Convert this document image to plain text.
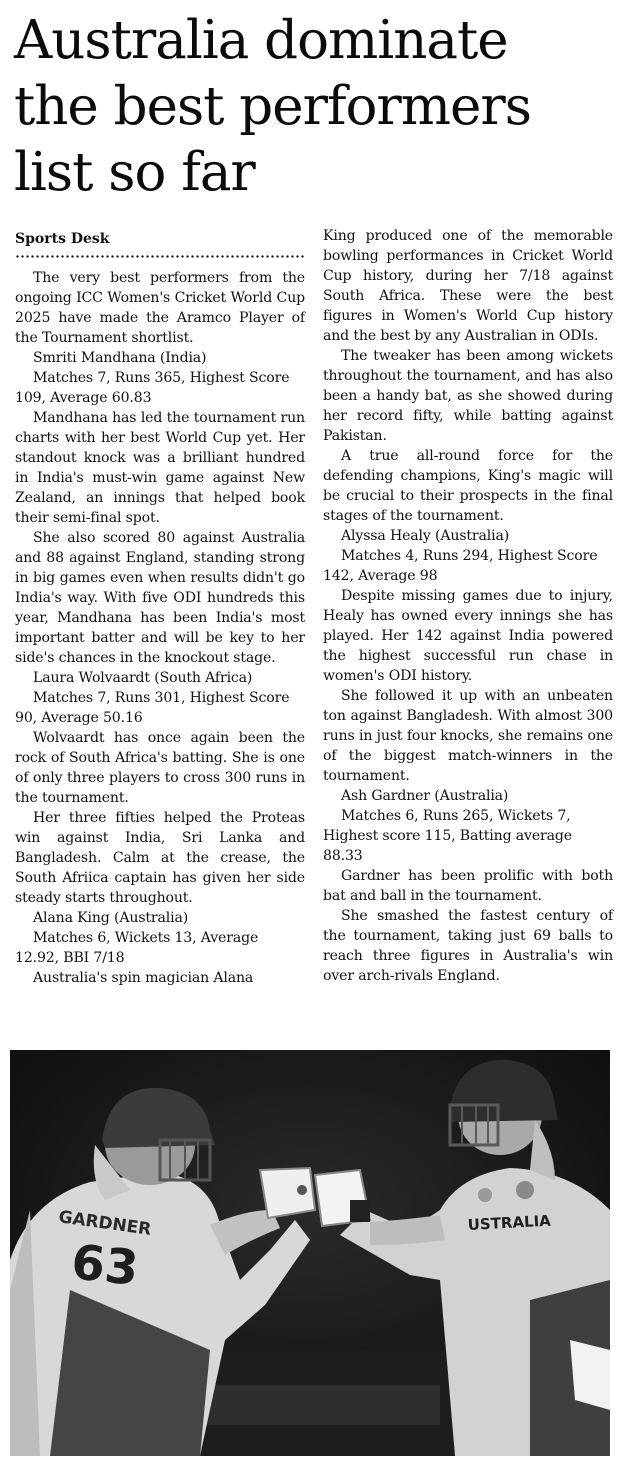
Australia dominate
the best performers
list so far
Sports Desk

The very best performers from the ongoing ICC Women's Cricket World Cup 2025 have made the Aramco Player of the Tournament shortlist.

Smriti Mandhana (India)

Matches 7, Runs 365, Highest Score 109, Average 60.83

Mandhana has led the tournament run charts with her best World Cup yet. Her standout knock was a brilliant hundred in India's must-win game against New Zealand, an innings that helped book their semi-final spot.

She also scored 80 against Australia and 88 against England, standing strong in big games even when results didn't go India's way. With five ODI hundreds this year, Mandhana has been India's most important batter and will be key to her side's chances in the knockout stage.

Laura Wolvaardt (South Africa)

Matches 7, Runs 301, Highest Score 90, Average 50.16

Wolvaardt has once again been the rock of South Africa's batting. She is one of only three players to cross 300 runs in the tournament.

Her three fifties helped the Proteas win against India, Sri Lanka and Bangladesh. Calm at the crease, the South Afriica captain has given her side steady starts throughout.

Alana King (Australia)

Matches 6, Wickets 13, Average 12.92, BBI 7/18

Australia's spin magician Alana

King produced one of the memorable bowling performances in Cricket World Cup history, during her 7/18 against South Africa. These were the best figures in Women's World Cup history and the best by any Australian in ODIs.

The tweaker has been among wickets throughout the tournament, and has also been a handy bat, as she showed during her record fifty, while batting against Pakistan.

A true all-round force for the defending champions, King's magic will be crucial to their prospects in the final stages of the tournament.

Alyssa Healy (Australia)

Matches 4, Runs 294, Highest Score 142, Average 98

Despite missing games due to injury, Healy has owned every innings she has played. Her 142 against India powered the highest successful run chase in women's ODI history.

She followed it up with an unbeaten ton against Bangladesh. With almost 300 runs in just four knocks, she remains one of the biggest match-winners in the tournament.

Ash Gardner (Australia)

Matches 6, Runs 265, Wickets 7, Highest score 115, Batting average 88.33

Gardner has been prolific with both bat and ball in the tournament.

She smashed the fastest century of the tournament, taking just 69 balls to reach three figures in Australia's win over arch-rivals England.

GARDNER
63
USTRALIA
